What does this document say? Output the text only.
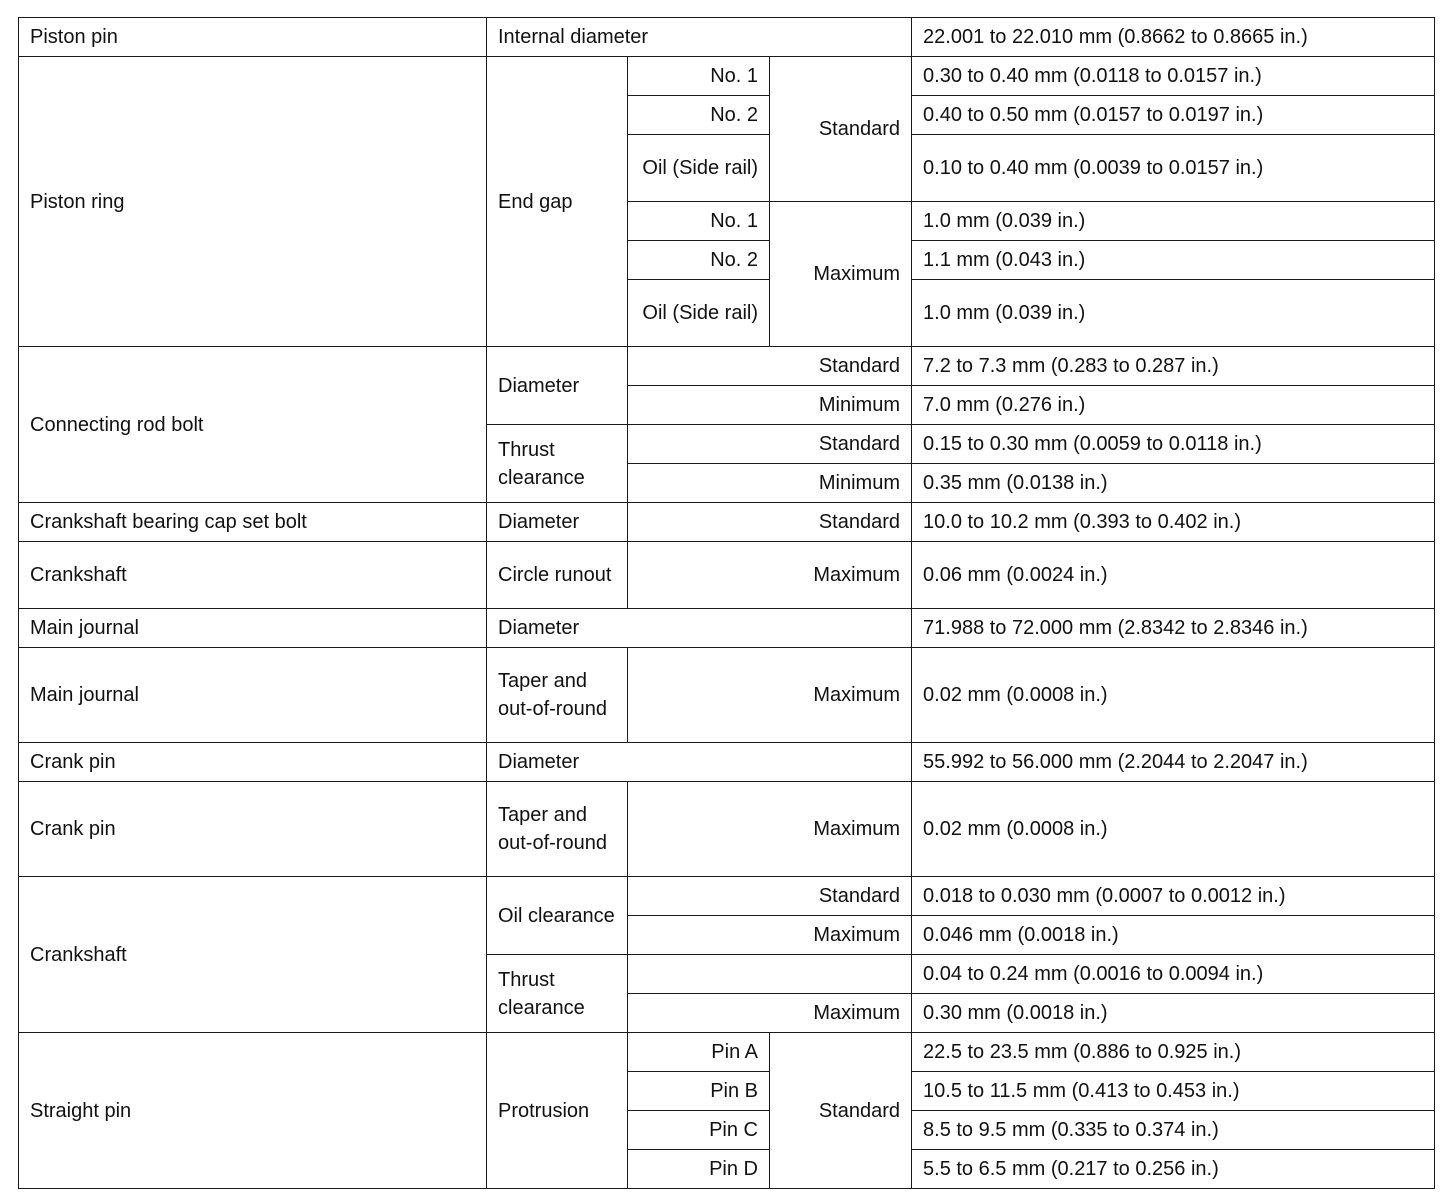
Piston pin	Internal diameter			22.001 to 22.010 mm (0.8662 to 0.8665 in.)
Piston ring	End gap	No. 1	Standard	0.30 to 0.40 mm (0.0118 to 0.0157 in.)
		No. 2		0.40 to 0.50 mm (0.0157 to 0.0197 in.)
		Oil (Side rail)		0.10 to 0.40 mm (0.0039 to 0.0157 in.)
		No. 1	Maximum	1.0 mm (0.039 in.)
		No. 2		1.1 mm (0.043 in.)
		Oil (Side rail)		1.0 mm (0.039 in.)
Connecting rod bolt	Diameter	Standard		7.2 to 7.3 mm (0.283 to 0.287 in.)
		Minimum		7.0 mm (0.276 in.)
	Thrust clearance	Standard		0.15 to 0.30 mm (0.0059 to 0.0118 in.)
		Minimum		0.35 mm (0.0138 in.)
Crankshaft bearing cap set bolt	Diameter	Standard		10.0 to 10.2 mm (0.393 to 0.402 in.)
Crankshaft	Circle runout	Maximum		0.06 mm (0.0024 in.)
Main journal	Diameter			71.988 to 72.000 mm (2.8342 to 2.8346 in.)
Main journal	Taper and out-of-round	Maximum		0.02 mm (0.0008 in.)
Crank pin	Diameter			55.992 to 56.000 mm (2.2044 to 2.2047 in.)
Crank pin	Taper and out-of-round	Maximum		0.02 mm (0.0008 in.)
Crankshaft	Oil clearance	Standard		0.018 to 0.030 mm (0.0007 to 0.0012 in.)
		Maximum		0.046 mm (0.0018 in.)
	Thrust clearance			0.04 to 0.24 mm (0.0016 to 0.0094 in.)
		Maximum		0.30 mm (0.0018 in.)
Straight pin	Protrusion	Pin A	Standard	22.5 to 23.5 mm (0.886 to 0.925 in.)
		Pin B		10.5 to 11.5 mm (0.413 to 0.453 in.)
		Pin C		8.5 to 9.5 mm (0.335 to 0.374 in.)
		Pin D		5.5 to 6.5 mm (0.217 to 0.256 in.)
